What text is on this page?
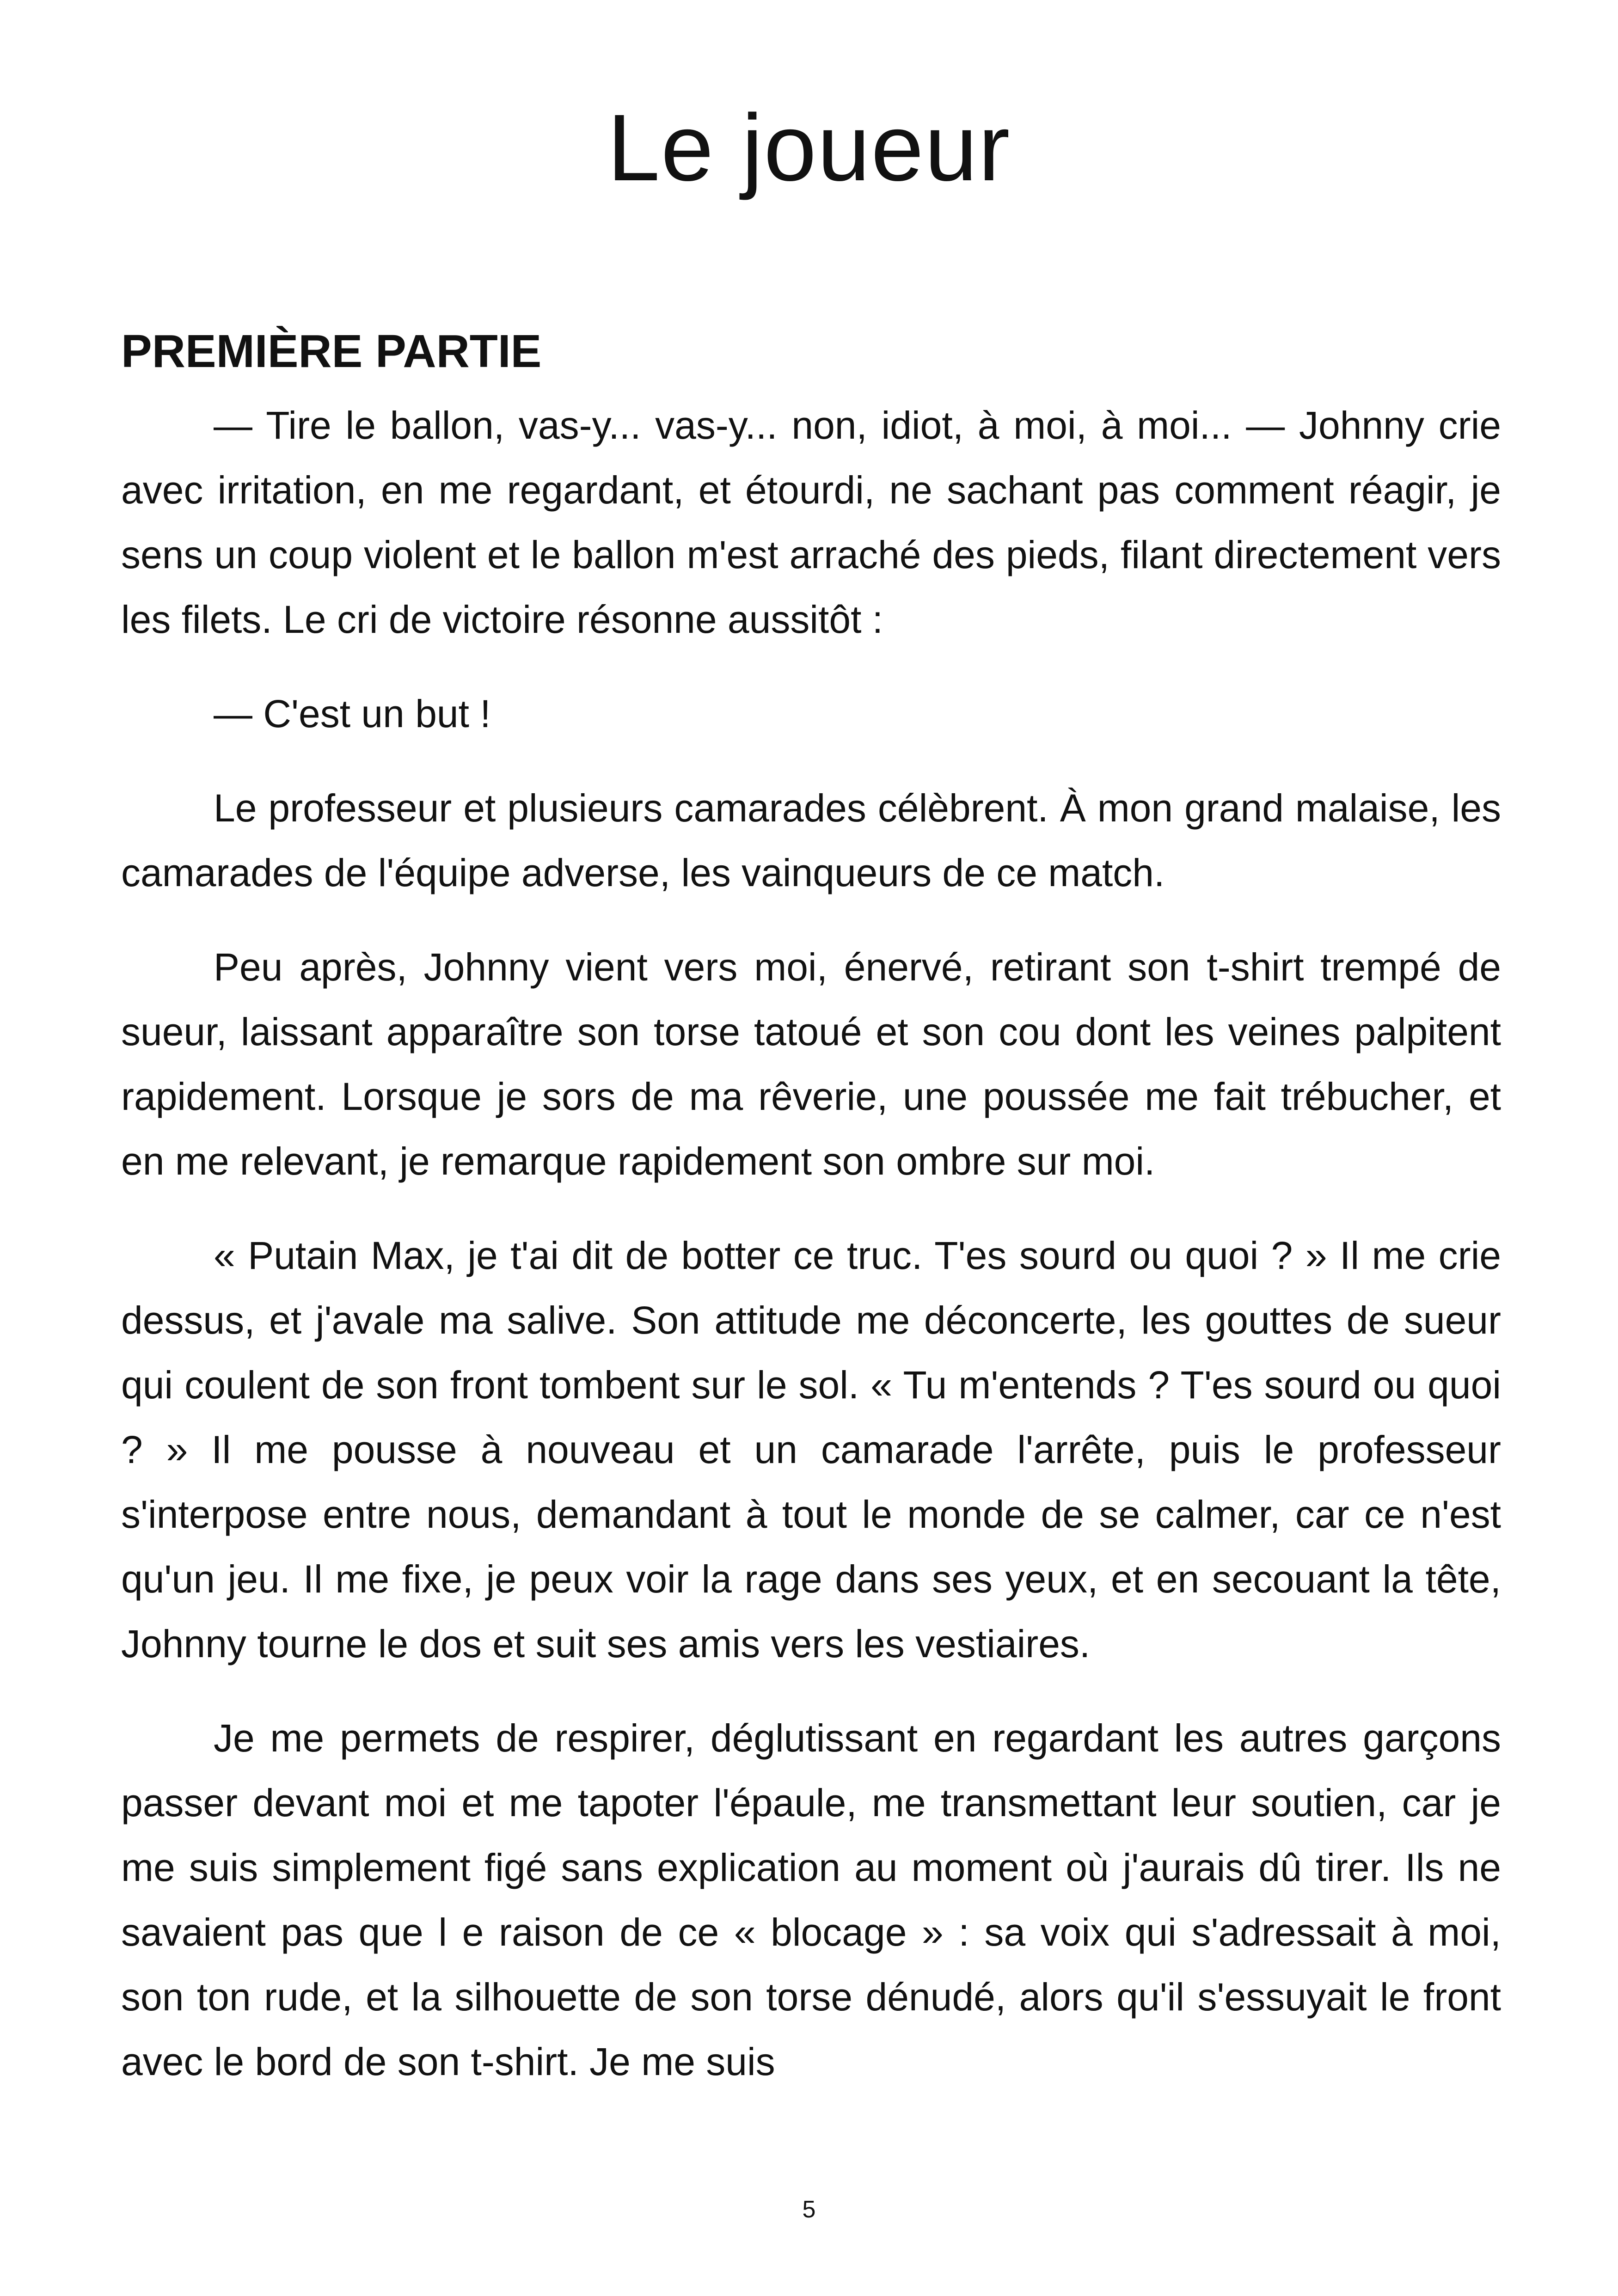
Le joueur
PREMIÈRE PARTIE

— Tire le ballon, vas-y... vas-y... non, idiot, à moi, à moi... — Johnny crie avec irritation, en me regardant, et étourdi, ne sachant pas comment réagir, je sens un coup violent et le ballon m'est arraché des pieds, filant directement vers les filets. Le cri de victoire résonne aussitôt :

— C'est un but !

Le professeur et plusieurs camarades célèbrent. À mon grand malaise, les camarades de l'équipe adverse, les vainqueurs de ce match.

Peu après, Johnny vient vers moi, énervé, retirant son t-shirt trempé de sueur, laissant apparaître son torse tatoué et son cou dont les veines palpitent rapidement. Lorsque je sors de ma rêverie, une poussée me fait trébucher, et en me relevant, je remarque rapidement son ombre sur moi.

« Putain Max, je t'ai dit de botter ce truc. T'es sourd ou quoi ? » Il me crie dessus, et j'avale ma salive. Son attitude me déconcerte, les gouttes de sueur qui coulent de son front tombent sur le sol. « Tu m'entends ? T'es sourd ou quoi ? » Il me pousse à nouveau et un camarade l'arrête, puis le professeur s'interpose entre nous, demandant à tout le monde de se calmer, car ce n'est qu'un jeu. Il me fixe, je peux voir la rage dans ses yeux, et en secouant la tête, Johnny tourne le dos et suit ses amis vers les vestiaires.

Je me permets de respirer, déglutissant en regardant les autres garçons passer devant moi et me tapoter l'épaule, me transmettant leur soutien, car je me suis simplement figé sans explication au moment où j'aurais dû tirer. Ils ne savaient pas que l e raison de ce « blocage » : sa voix qui s'adressait à moi, son ton rude, et la silhouette de son torse dénudé, alors qu'il s'essuyait le front avec le bord de son t-shirt. Je me suis

5
